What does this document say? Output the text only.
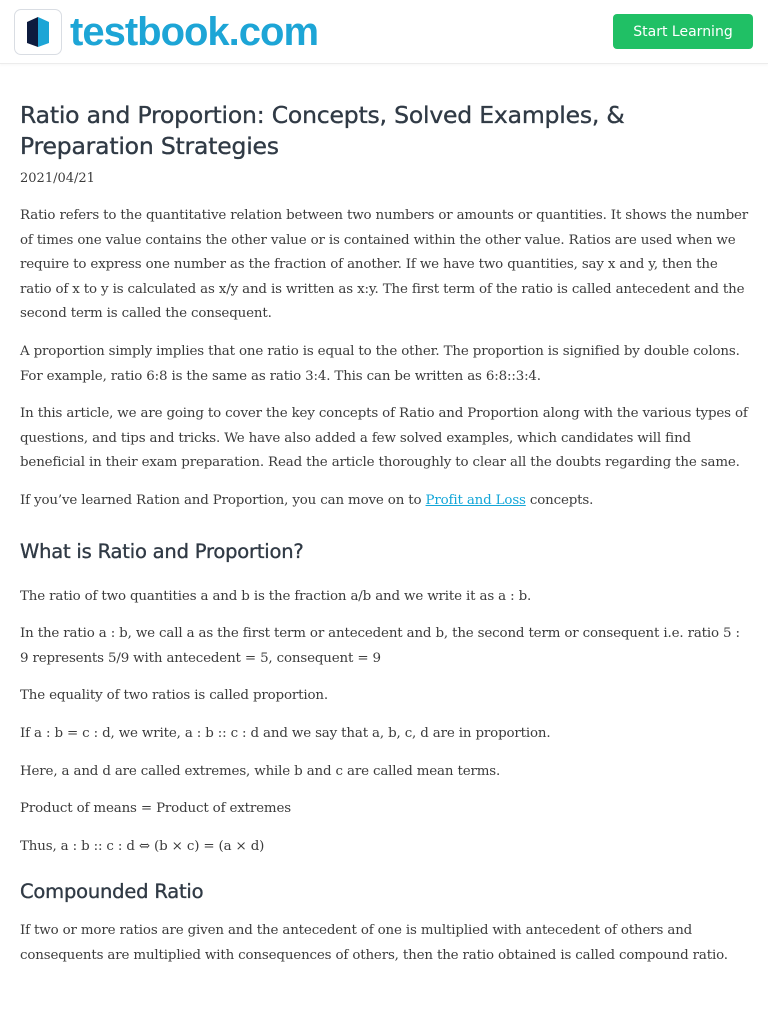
testbook.com	Start Learning
Ratio and Proportion: Concepts, Solved Examples, & Preparation Strategies
2021/04/21

Ratio refers to the quantitative relation between two numbers or amounts or quantities. It shows the number of times one value contains the other value or is contained within the other value. Ratios are used when we require to express one number as the fraction of another. If we have two quantities, say x and y, then the ratio of x to y is calculated as x/y and is written as x:y. The first term of the ratio is called antecedent and the second term is called the consequent.

A proportion simply implies that one ratio is equal to the other. The proportion is signified by double colons. For example, ratio 6:8 is the same as ratio 3:4. This can be written as 6:8::3:4.

In this article, we are going to cover the key concepts of Ratio and Proportion along with the various types of questions, and tips and tricks. We have also added a few solved examples, which candidates will find beneficial in their exam preparation. Read the article thoroughly to clear all the doubts regarding the same.

If you’ve learned Ration and Proportion, you can move on to Profit and Loss concepts.

What is Ratio and Proportion?

The ratio of two quantities a and b is the fraction a/b and we write it as a : b.

In the ratio a : b, we call a as the first term or antecedent and b, the second term or consequent i.e. ratio 5 : 9 represents 5/9 with antecedent = 5, consequent = 9

The equality of two ratios is called proportion.

If a : b = c : d, we write, a : b :: c : d and we say that a, b, c, d are in proportion.

Here, a and d are called extremes, while b and c are called mean terms.

Product of means = Product of extremes

Thus, a : b :: c : d ⇔ (b × c) = (a × d)

Compounded Ratio

If two or more ratios are given and the antecedent of one is multiplied with antecedent of others and consequents are multiplied with consequences of others, then the ratio obtained is called compound ratio.
